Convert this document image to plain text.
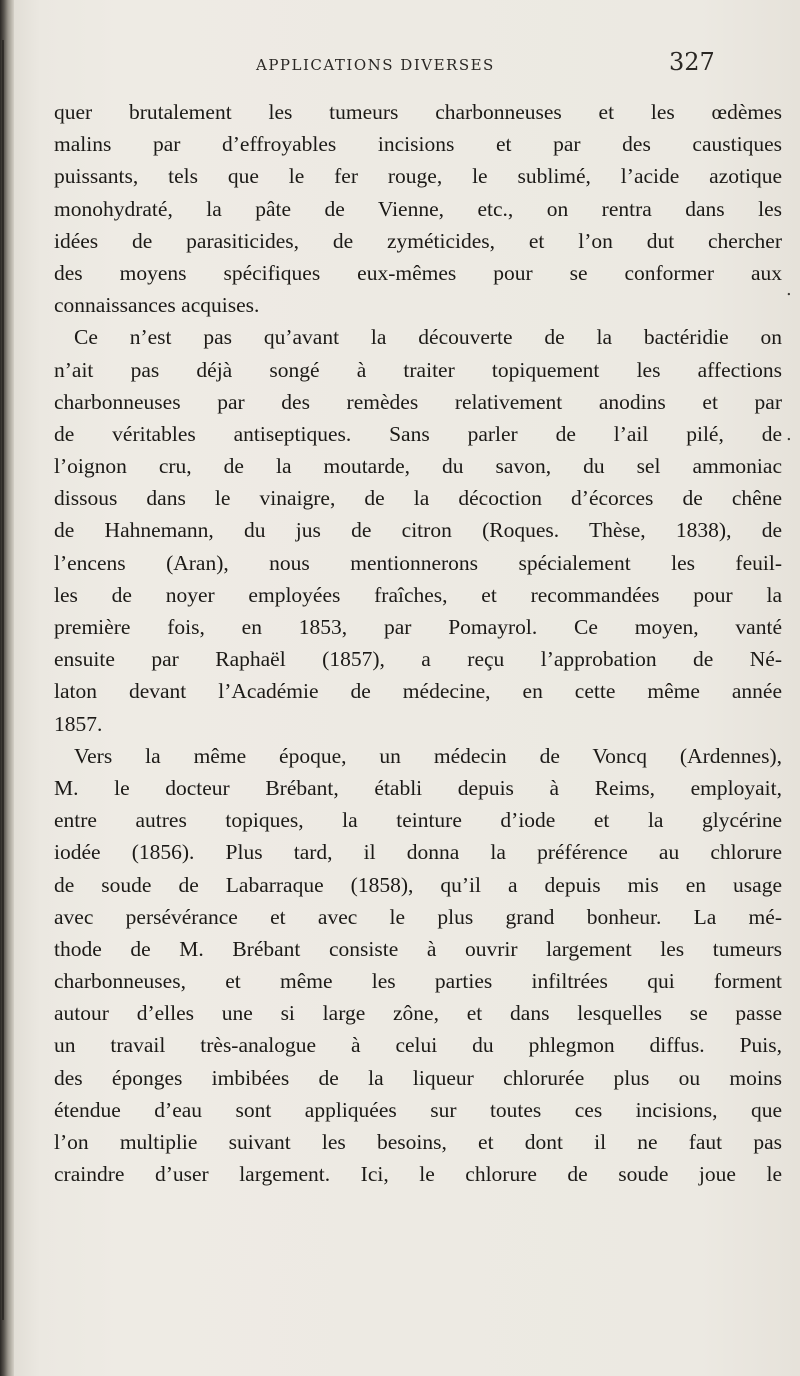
APPLICATIONS DIVERSES	327
quer brutalement les tumeurs charbonneuses et les œdèmes
malins par d’effroyables incisions et par des caustiques
puissants, tels que le fer rouge, le sublimé, l’acide azotique
monohydraté, la pâte de Vienne, etc., on rentra dans les
idées de parasiticides, de zyméticides, et l’on dut chercher
des moyens spécifiques eux-mêmes pour se conformer aux
connaissances acquises.
Ce n’est pas qu’avant la découverte de la bactéridie on
n’ait pas déjà songé à traiter topiquement les affections
charbonneuses par des remèdes relativement anodins et par
de véritables antiseptiques. Sans parler de l’ail pilé, de
l’oignon cru, de la moutarde, du savon, du sel ammoniac
dissous dans le vinaigre, de la décoction d’écorces de chêne
de Hahnemann, du jus de citron (Roques. Thèse, 1838), de
l’encens (Aran), nous mentionnerons spécialement les feuil-
les de noyer employées fraîches, et recommandées pour la
première fois, en 1853, par Pomayrol. Ce moyen, vanté
ensuite par Raphaël (1857), a reçu l’approbation de Né-
laton devant l’Académie de médecine, en cette même année
1857.
Vers la même époque, un médecin de Voncq (Ardennes),
M. le docteur Brébant, établi depuis à Reims, employait,
entre autres topiques, la teinture d’iode et la glycérine
iodée (1856). Plus tard, il donna la préférence au chlorure
de soude de Labarraque (1858), qu’il a depuis mis en usage
avec persévérance et avec le plus grand bonheur. La mé-
thode de M. Brébant consiste à ouvrir largement les tumeurs
charbonneuses, et même les parties infiltrées qui forment
autour d’elles une si large zône, et dans lesquelles se passe
un travail très-analogue à celui du phlegmon diffus. Puis,
des éponges imbibées de la liqueur chlorurée plus ou moins
étendue d’eau sont appliquées sur toutes ces incisions, que
l’on multiplie suivant les besoins, et dont il ne faut pas
craindre d’user largement. Ici, le chlorure de soude joue le
.
.
